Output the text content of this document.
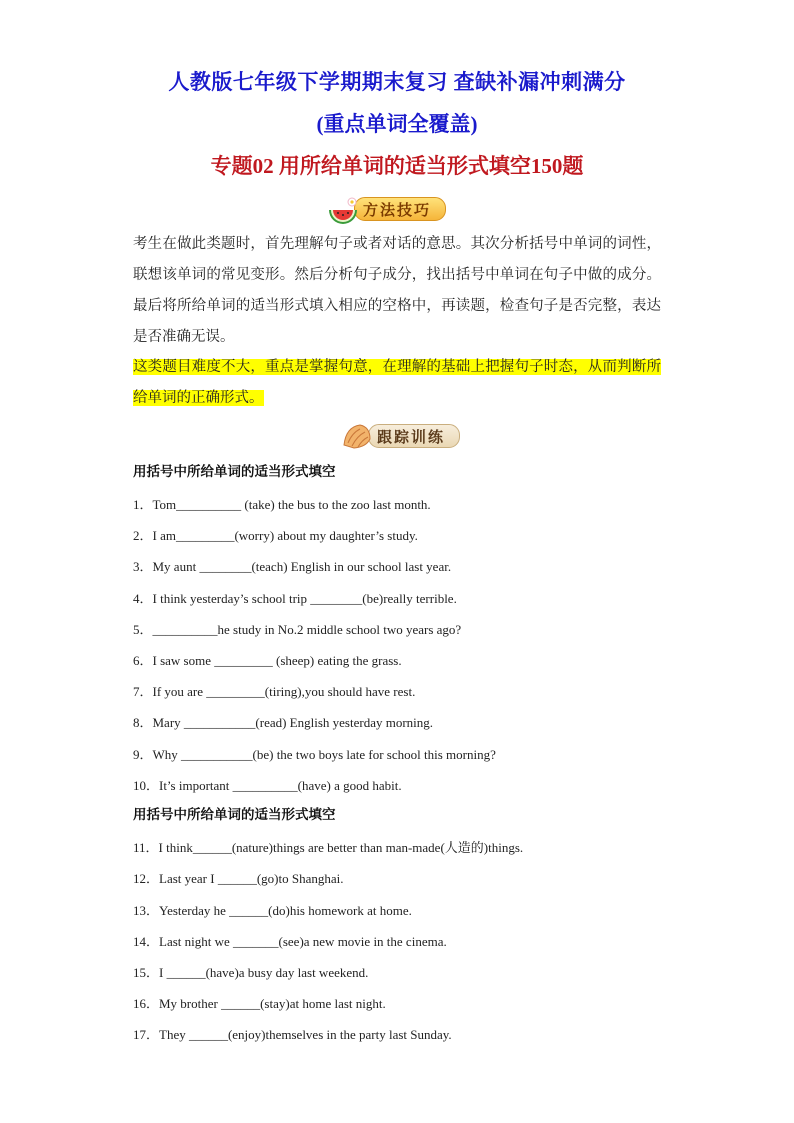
人教版七年级下学期期末复习 查缺补漏冲刺满分
(重点单词全覆盖)
专题02 用所给单词的适当形式填空150题
方法技巧

考生在做此类题时，首先理解句子或者对话的意思。其次分析括号中单词的词性，联想该单词的常见变形。然后分析句子成分，找出括号中单词在句子中做的成分。最后将所给单词的适当形式填入相应的空格中，再读题，检查句子是否完整，表达是否准确无误。

这类题目难度不大，重点是掌握句意，在理解的基础上把握句子时态，从而判断所给单词的正确形式。

跟踪训练

用括号中所给单词的适当形式填空

1．Tom__________ (take) the bus to the zoo last month.

2．I am_________(worry) about my daughter’s study.

3．My aunt ________(teach) English in our school last year.

4．I think yesterday’s school trip ________(be)really terrible.

5．__________he study in No.2 middle school two years ago?

6．I saw some _________ (sheep) eating the grass.

7．If you are _________(tiring),you should have rest.

8．Mary ___________(read) English yesterday morning.

9．Why ___________(be) the two boys late for school this morning?

10．It’s important __________(have) a good habit.

用括号中所给单词的适当形式填空

11．I think______(nature)things are better than man-made(人造的)things.

12．Last year I ______(go)to Shanghai.

13．Yesterday he ______(do)his homework at home.

14．Last night we _______(see)a new movie in the cinema.

15．I ______(have)a busy day last weekend.

16．My brother ______(stay)at home last night.

17．They ______(enjoy)themselves in the party last Sunday.
